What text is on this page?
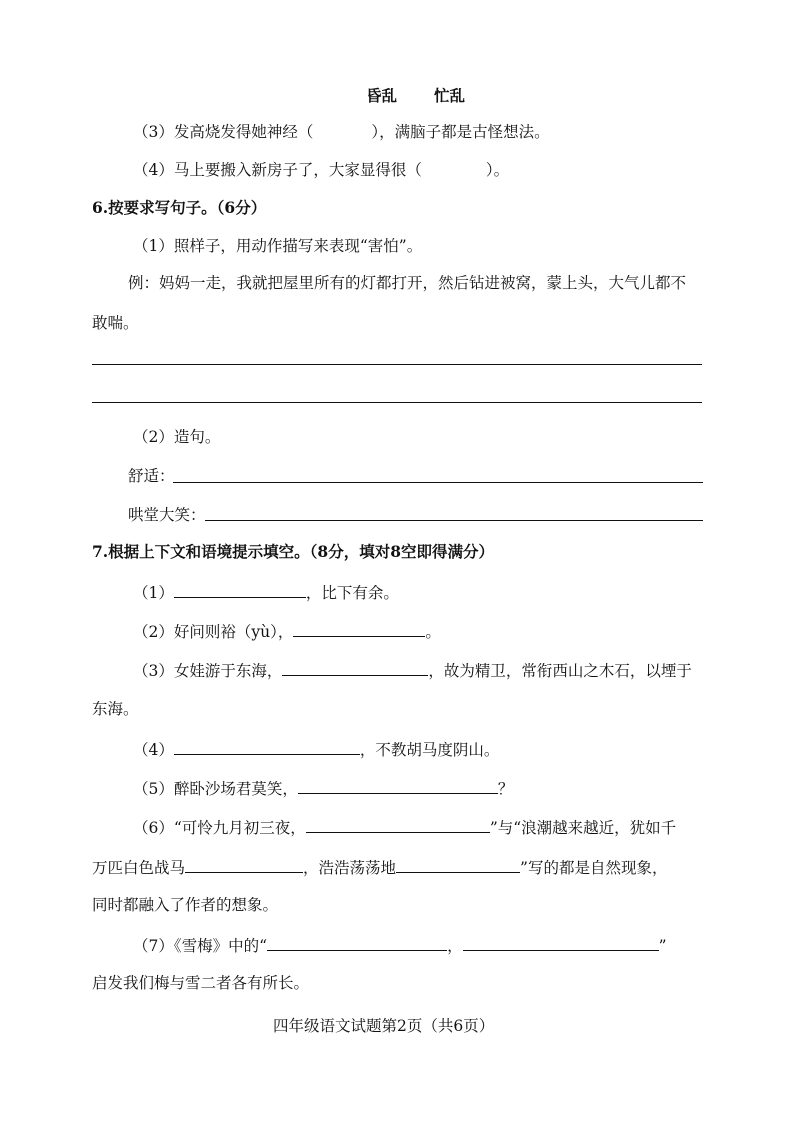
昏乱 忙乱
（3）发高烧发得她神经（	），满脑子都是古怪想法。
（4）马上要搬入新房子了，大家显得很（	）。
6.按要求写句子。（6分）
（1）照样子，用动作描写来表现“害怕”。
例：妈妈一走，我就把屋里所有的灯都打开，然后钻进被窝，蒙上头，大气儿都不
敢喘。
（2）造句。
舒适：
哄堂大笑：
7.根据上下文和语境提示填空。（8分，填对8空即得满分）
（1）	，比下有余。
（2）好问则裕（yù），	。
（3）女娃游于东海，	，故为精卫，常衔西山之木石，以堙于
东海。
（4）	，不教胡马度阴山。
（5）醉卧沙场君莫笑，	？
（6）“可怜九月初三夜，	”与“浪潮越来越近，犹如千
万匹白色战马	，浩浩荡荡地	”写的都是自然现象，
同时都融入了作者的想象。
（7）《雪梅》中的“	，	”
启发我们梅与雪二者各有所长。
四年级语文试题第2页（共6页）
